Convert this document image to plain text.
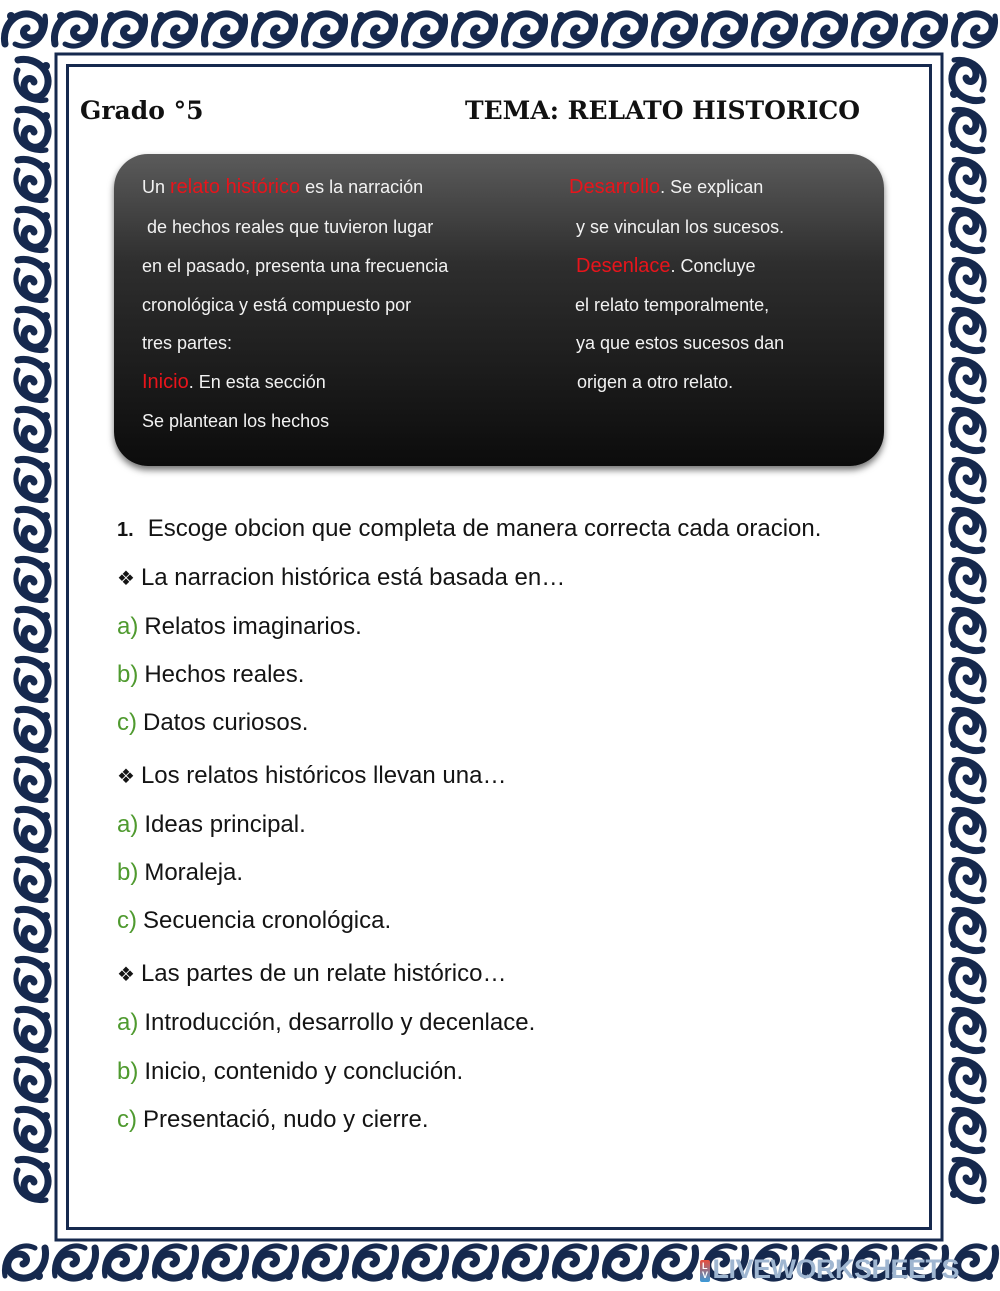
Grado °5	TEMA: RELATO HISTORICO
Un relato histórico es la narración
de hechos reales que tuvieron lugar
en el pasado, presenta una frecuencia
cronológica y está compuesto por
tres partes:
Inicio. En esta sección
Se plantean los hechos
Desarrollo. Se explican
y se vinculan los sucesos.
Desenlace. Concluye
el relato temporalmente,
ya que estos sucesos dan
origen a otro relato.
1. Escoge obcion que completa de manera correcta cada oracion.
❖ La narracion histórica está basada en…
a) Relatos imaginarios.
b) Hechos reales.
c) Datos curiosos.
❖ Los relatos históricos llevan una…
a) Ideas principal.
b) Moraleja.
c) Secuencia cronológica.
❖ Las partes de un relate histórico…
a) Introducción, desarrollo y decenlace.
b) Inicio, contenido y conclución.
c) Presentació, nudo y cierre.
L
V LIVEWORKSHEETS
